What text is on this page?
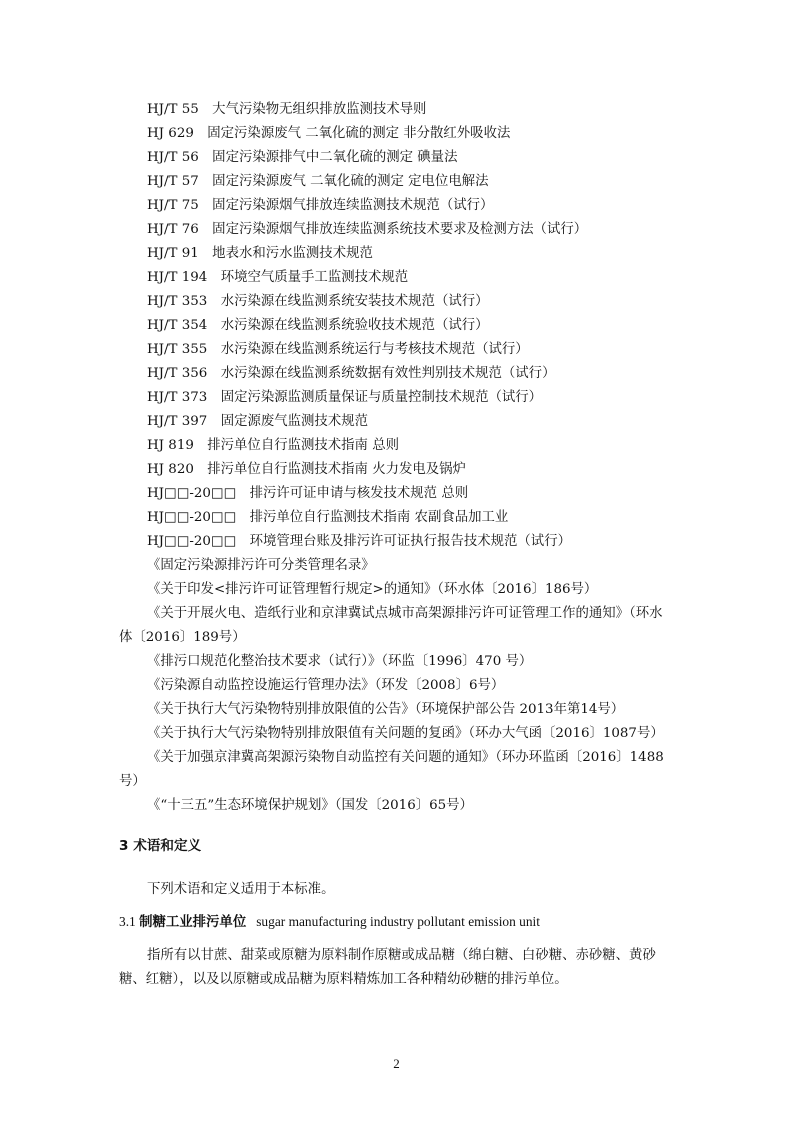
HJ/T 55　大气污染物无组织排放监测技术导则
HJ 629　固定污染源废气 二氧化硫的测定 非分散红外吸收法
HJ/T 56　固定污染源排气中二氧化硫的测定 碘量法
HJ/T 57　固定污染源废气 二氧化硫的测定 定电位电解法
HJ/T 75　固定污染源烟气排放连续监测技术规范（试行）
HJ/T 76　固定污染源烟气排放连续监测系统技术要求及检测方法（试行）
HJ/T 91　地表水和污水监测技术规范
HJ/T 194　环境空气质量手工监测技术规范
HJ/T 353　水污染源在线监测系统安装技术规范（试行）
HJ/T 354　水污染源在线监测系统验收技术规范（试行）
HJ/T 355　水污染源在线监测系统运行与考核技术规范（试行）
HJ/T 356　水污染源在线监测系统数据有效性判别技术规范（试行）
HJ/T 373　固定污染源监测质量保证与质量控制技术规范（试行）
HJ/T 397　固定源废气监测技术规范
HJ 819　排污单位自行监测技术指南 总则
HJ 820　排污单位自行监测技术指南 火力发电及锅炉
HJ□□-20□□　排污许可证申请与核发技术规范 总则
HJ□□-20□□　排污单位自行监测技术指南 农副食品加工业
HJ□□-20□□　环境管理台账及排污许可证执行报告技术规范（试行）
《固定污染源排污许可分类管理名录》
《关于印发<排污许可证管理暂行规定>的通知》（环水体〔2016〕186号）
《关于开展火电、造纸行业和京津冀试点城市高架源排污许可证管理工作的通知》（环水体〔2016〕189号）
《排污口规范化整治技术要求（试行）》（环监〔1996〕470 号）
《污染源自动监控设施运行管理办法》（环发〔2008〕6号）
《关于执行大气污染物特别排放限值的公告》（环境保护部公告 2013年第14号）
《关于执行大气污染物特别排放限值有关问题的复函》（环办大气函〔2016〕1087号）
《关于加强京津冀高架源污染物自动监控有关问题的通知》（环办环监函〔2016〕1488号）
《“十三五”生态环境保护规划》（国发〔2016〕65号）
3 术语和定义
下列术语和定义适用于本标准。
3.1 制糖工业排污单位 sugar manufacturing industry pollutant emission unit
指所有以甘蔗、甜菜或原糖为原料制作原糖或成品糖（绵白糖、白砂糖、赤砂糖、黄砂糖、红糖），以及以原糖或成品糖为原料精炼加工各种精幼砂糖的排污单位。
2
